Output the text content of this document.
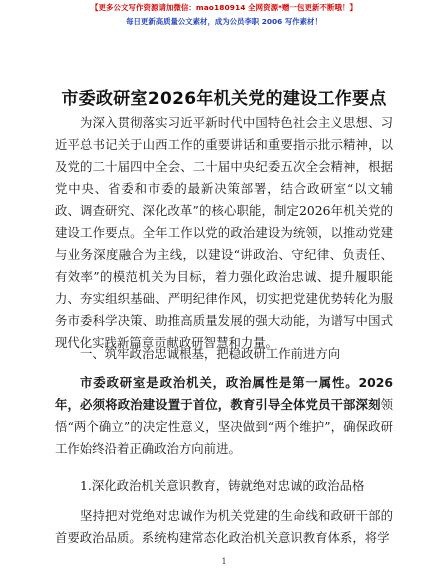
【更多公文写作资源请加微信：mao180914 全网资源*赠一包更新不断哦！】
每日更新高质量公文素材，成为公员李职 2006 写作素材！
市委政研室2026年机关党的建设工作要点
为深入贯彻落实习近平新时代中国特色社会主义思想、习近平总书记关于山西工作的重要讲话和重要指示批示精神，以及党的二十届四中全会、二十届中央纪委五次全会精神，根据党中央、省委和市委的最新决策部署，结合政研室“以文辅政、调查研究、深化改革”的核心职能，制定2026年机关党的建设工作要点。全年工作以党的政治建设为统领，以推动党建与业务深度融合为主线，以建设“讲政治、守纪律、负责任、有效率”的模范机关为目标，着力强化政治忠诚、提升履职能力、夯实组织基础、严明纪律作风，切实把党建优势转化为服务市委科学决策、助推高质量发展的强大动能，为谱写中国式现代化实践新篇章贡献政研智慧和力量。
一、筑牢政治忠诚根基，把稳政研工作前进方向
市委政研室是政治机关，政治属性是第一属性。2026年，必须将政治建设置于首位，教育引导全体党员干部深刻领悟“两个确立”的决定性意义，坚决做到“两个维护”，确保政研工作始终沿着正确政治方向前进。
1.深化政治机关意识教育，铸就绝对忠诚的政治品格
坚持把对党绝对忠诚作为机关党建的生命线和政研干部的首要政治品质。系统构建常态化政治机关意识教育体系，将学
1
